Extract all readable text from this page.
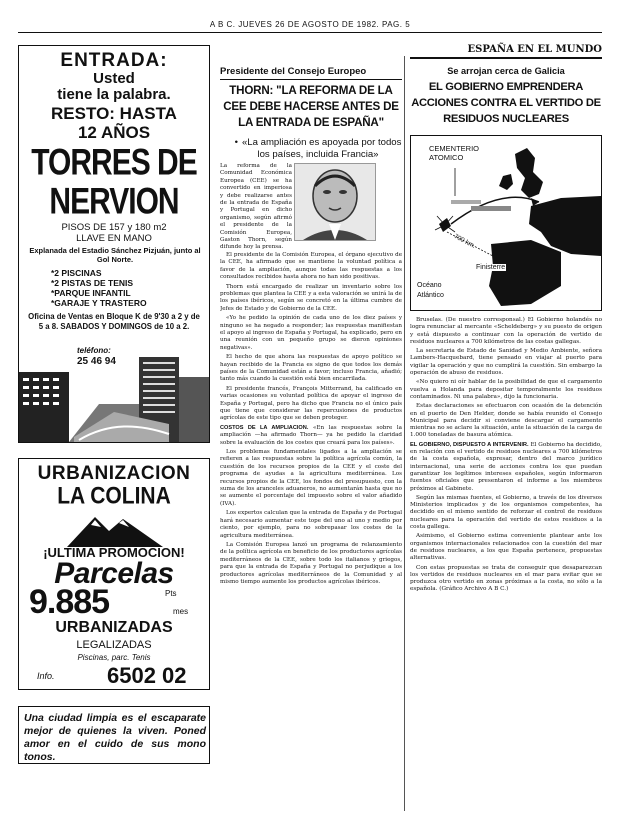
A B C. JUEVES 26 DE AGOSTO DE 1982. PAG. 5
ENTRADA:
Usted
tiene la palabra.
RESTO: HASTA
12 AÑOS
TORRES DE
NERVION
PISOS DE 157 y 180 m2
LLAVE EN MANO
Explanada del Estadio Sánchez Pizjuán, junto al Gol Norte.
*2 PISCINAS
*2 PISTAS DE TENIS
*PARQUE INFANTIL
*GARAJE Y TRASTERO
Oficina de Ventas en Bloque K de 9'30 a 2 y de 5 a 8. SABADOS Y DOMINGOS de 10 a 2.
teléfono:
25 46 94
URBANIZACION
LA COLINA
¡ULTIMA PROMOCION!
Parcelas
9.885	Pts
mes
URBANIZADAS
LEGALIZADAS
Piscinas, parc. Tenis
Info. 6502 02
Una ciudad limpia es el escaparate mejor de quienes la viven. Poned amor en el cuido de sus mono tonos.
Presidente del Consejo Europeo
THORN: "LA REFORMA DE LA CEE DEBE HACERSE ANTES DE LA ENTRADA DE ESPAÑA"
• «La ampliación es apoyada por todos los países, incluida Francia»
La reforma de la Comunidad Económica Europea (CEE) se ha convertido en imperiosa y debe realizarse antes de la entrada de España y Portugal en dicho organismo, según afirmó el presidente de la Comisión Europea, Gaston Thorn, según difunde hoy la prensa.

El presidente de la Comisión Europea, el órgano ejecutivo de la CEE, ha afirmado que se mantiene la voluntad política a favor de la ampliación, aunque todas las respuestas a los consultados recibidos hasta ahora no han sido positivas.

Thorn está encargado de realizar un inventario sobre los problemas que plantea la CEE y a esta valoración se unirá la de los países ibéricos, según se concretó en la última cumbre de Jefes de Estado y de Gobierno de la CEE.

«Yo he pedido la opinión de cada uno de los diez países y ninguno se ha negado a responder; las respuestas manifiestan el apoyo al ingreso de España y Portugal, ha explicado, pero en una reunión con un pequeño grupo se dieron opiniones negativas».

El hecho de que ahora las respuestas de apoyo político se hayan recibido de la Francia es signo de que todos los demás países de la Comunidad están a favor; incluso Francia, añadió; tanto más cuando la cuestión está bien encarrilada.

El presidente francés, François Mitterrand, ha calificado en varias ocasiones su voluntad política de apoyar el ingreso de España y Portugal, pero ha dicho que Francia no el único país que tiene que considerar las repercusiones de productos agrícolas de este tipo que se deben proteger.

COSTOS DE LA AMPLIACION. «En las respuestas sobre la ampliación —ha afirmado Thorn— ya he pedido la claridad sobre la evaluación de los costes que creará para los países».

Los problemas fundamentales ligados a la ampliación se refieren a las respuestas sobre la política agrícola común, la cuestión de los recursos propios de la CEE y el coste del programa de ayudas a la agricultura mediterránea. Los recursos propios de la CEE, los fondos del presupuesto, con la suma de los aranceles aduaneros, no aumentarán hasta que no se aumente el porcentaje del impuesto sobre el valor añadido (IVA).

Los expertos calculan que la entrada de España y de Portugal hará necesario aumentar este tope del uno al uno y medio por ciento, por ejemplo, para no sobrepasar los costes de la agricultura mediterránea.

La Comisión Europea lanzó un programa de relanzamiento de la política agrícola en beneficio de los productores agrícolas mediterráneos de la CEE, sobre todo los italianos y griegos, para que la entrada de España y Portugal no perjudique a los productores agrícolas mediterráneos de la Comunidad y al mismo tiempo aumente los productos agrícolas ibéricos.

ESPAÑA EN EL MUNDO
Se arrojan cerca de Galicia
EL GOBIERNO EMPRENDERA ACCIONES CONTRA EL VERTIDO DE RESIDUOS NUCLEARES
CEMENTERIO
ATOMICO
700 km.
Finisterre
Océano
Atlántico

Bruselas. (De nuestro corresponsal.) El Gobierno holandés no logra renunciar al mercante «Scheldeberg» y su puesto de origen y está dispuesto a continuar con la operación de vertido de residuos nucleares a 700 kilómetros de las costas gallegas.

La secretaria de Estado de Sanidad y Medio Ambiente, señora Lambers-Hacquebard, tiene pensado en viajar al puerto para vigilar la operación y que no cumplirá la cuestión. Sin embargo la operación de abuso de residuos.

«No quiero ni oír hablar de la posibilidad de que el cargamento vuelva a Holanda para depositar temporalmente los residuos contaminados. Ni una palabra», dijo la funcionaria.

Estas declaraciones se efectuaron con ocasión de la detención en el puerto de Den Helder, donde se había reunido el Consejo Municipal para decidir si conviene descargar el cargamento mientras no se aclare la situación, ante la situación de la carga de 1.000 toneladas de basura atómica.

EL GOBIERNO, DISPUESTO A INTERVENIR. El Gobierno ha decidido, en relación con el vertido de residuos nucleares a 700 kilómetros de la costa española, expresar, dentro del marco jurídico internacional, una serie de acciones contra los que puedan garantizar los legítimos intereses españoles, según informaron fuentes oficiales que presentaron el informe a los miembros próximos al Gabinete.

Según las mismas fuentes, el Gobierno, a través de los diversos Ministerios implicados y de los organismos competentes, ha decidido en el mismo sentido de reforzar el control de residuos nucleares para la operación del vertido de estos residuos a la costa gallega.

Asimismo, el Gobierno estima conveniente plantear ante los organismos internacionales relacionados con la cuestión del mar de residuos nucleares, a los que España pertenece, propuestas alternativas.

Con estas propuestas se trata de conseguir que desaparezcan los vertidos de residuos nucleares en el mar para evitar que se produzca otro vertido en zonas próximas a la costa, no sólo a la española. (Gráfico Archivo A B C.)
